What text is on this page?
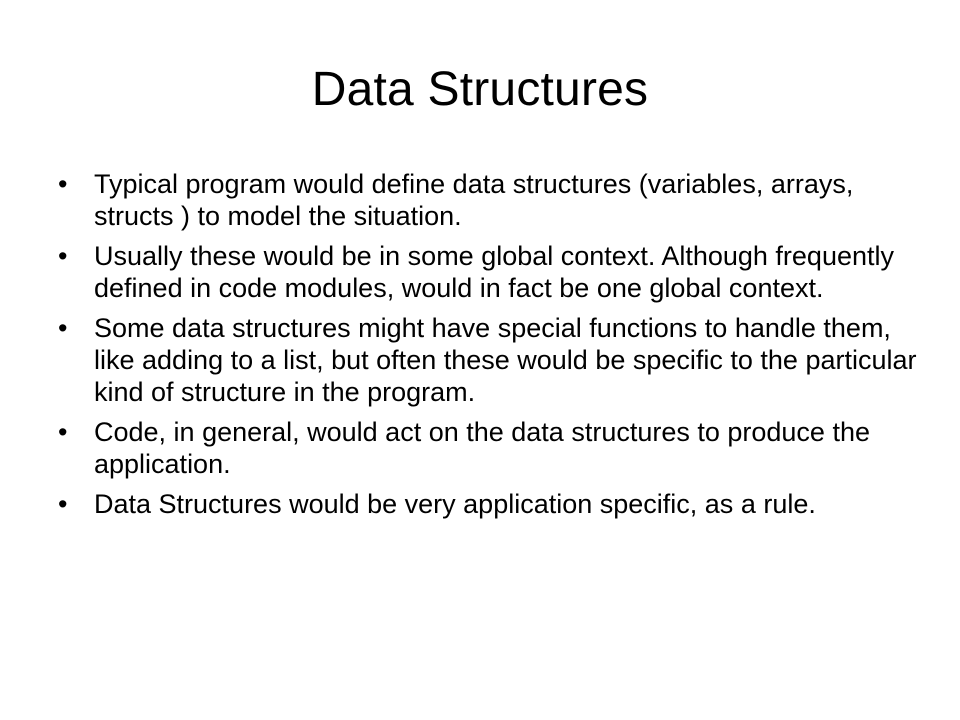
Data Structures
• Typical program would define data structures (variables, arrays, structs ) to model the situation.
• Usually these would be in some global context. Although frequently defined in code modules, would in fact be one global context.
• Some data structures might have special functions to handle them, like adding to a list, but often these would be specific to the particular kind of structure in the program.
• Code, in general, would act on the data structures to produce the application.
• Data Structures would be very application specific, as a rule.
